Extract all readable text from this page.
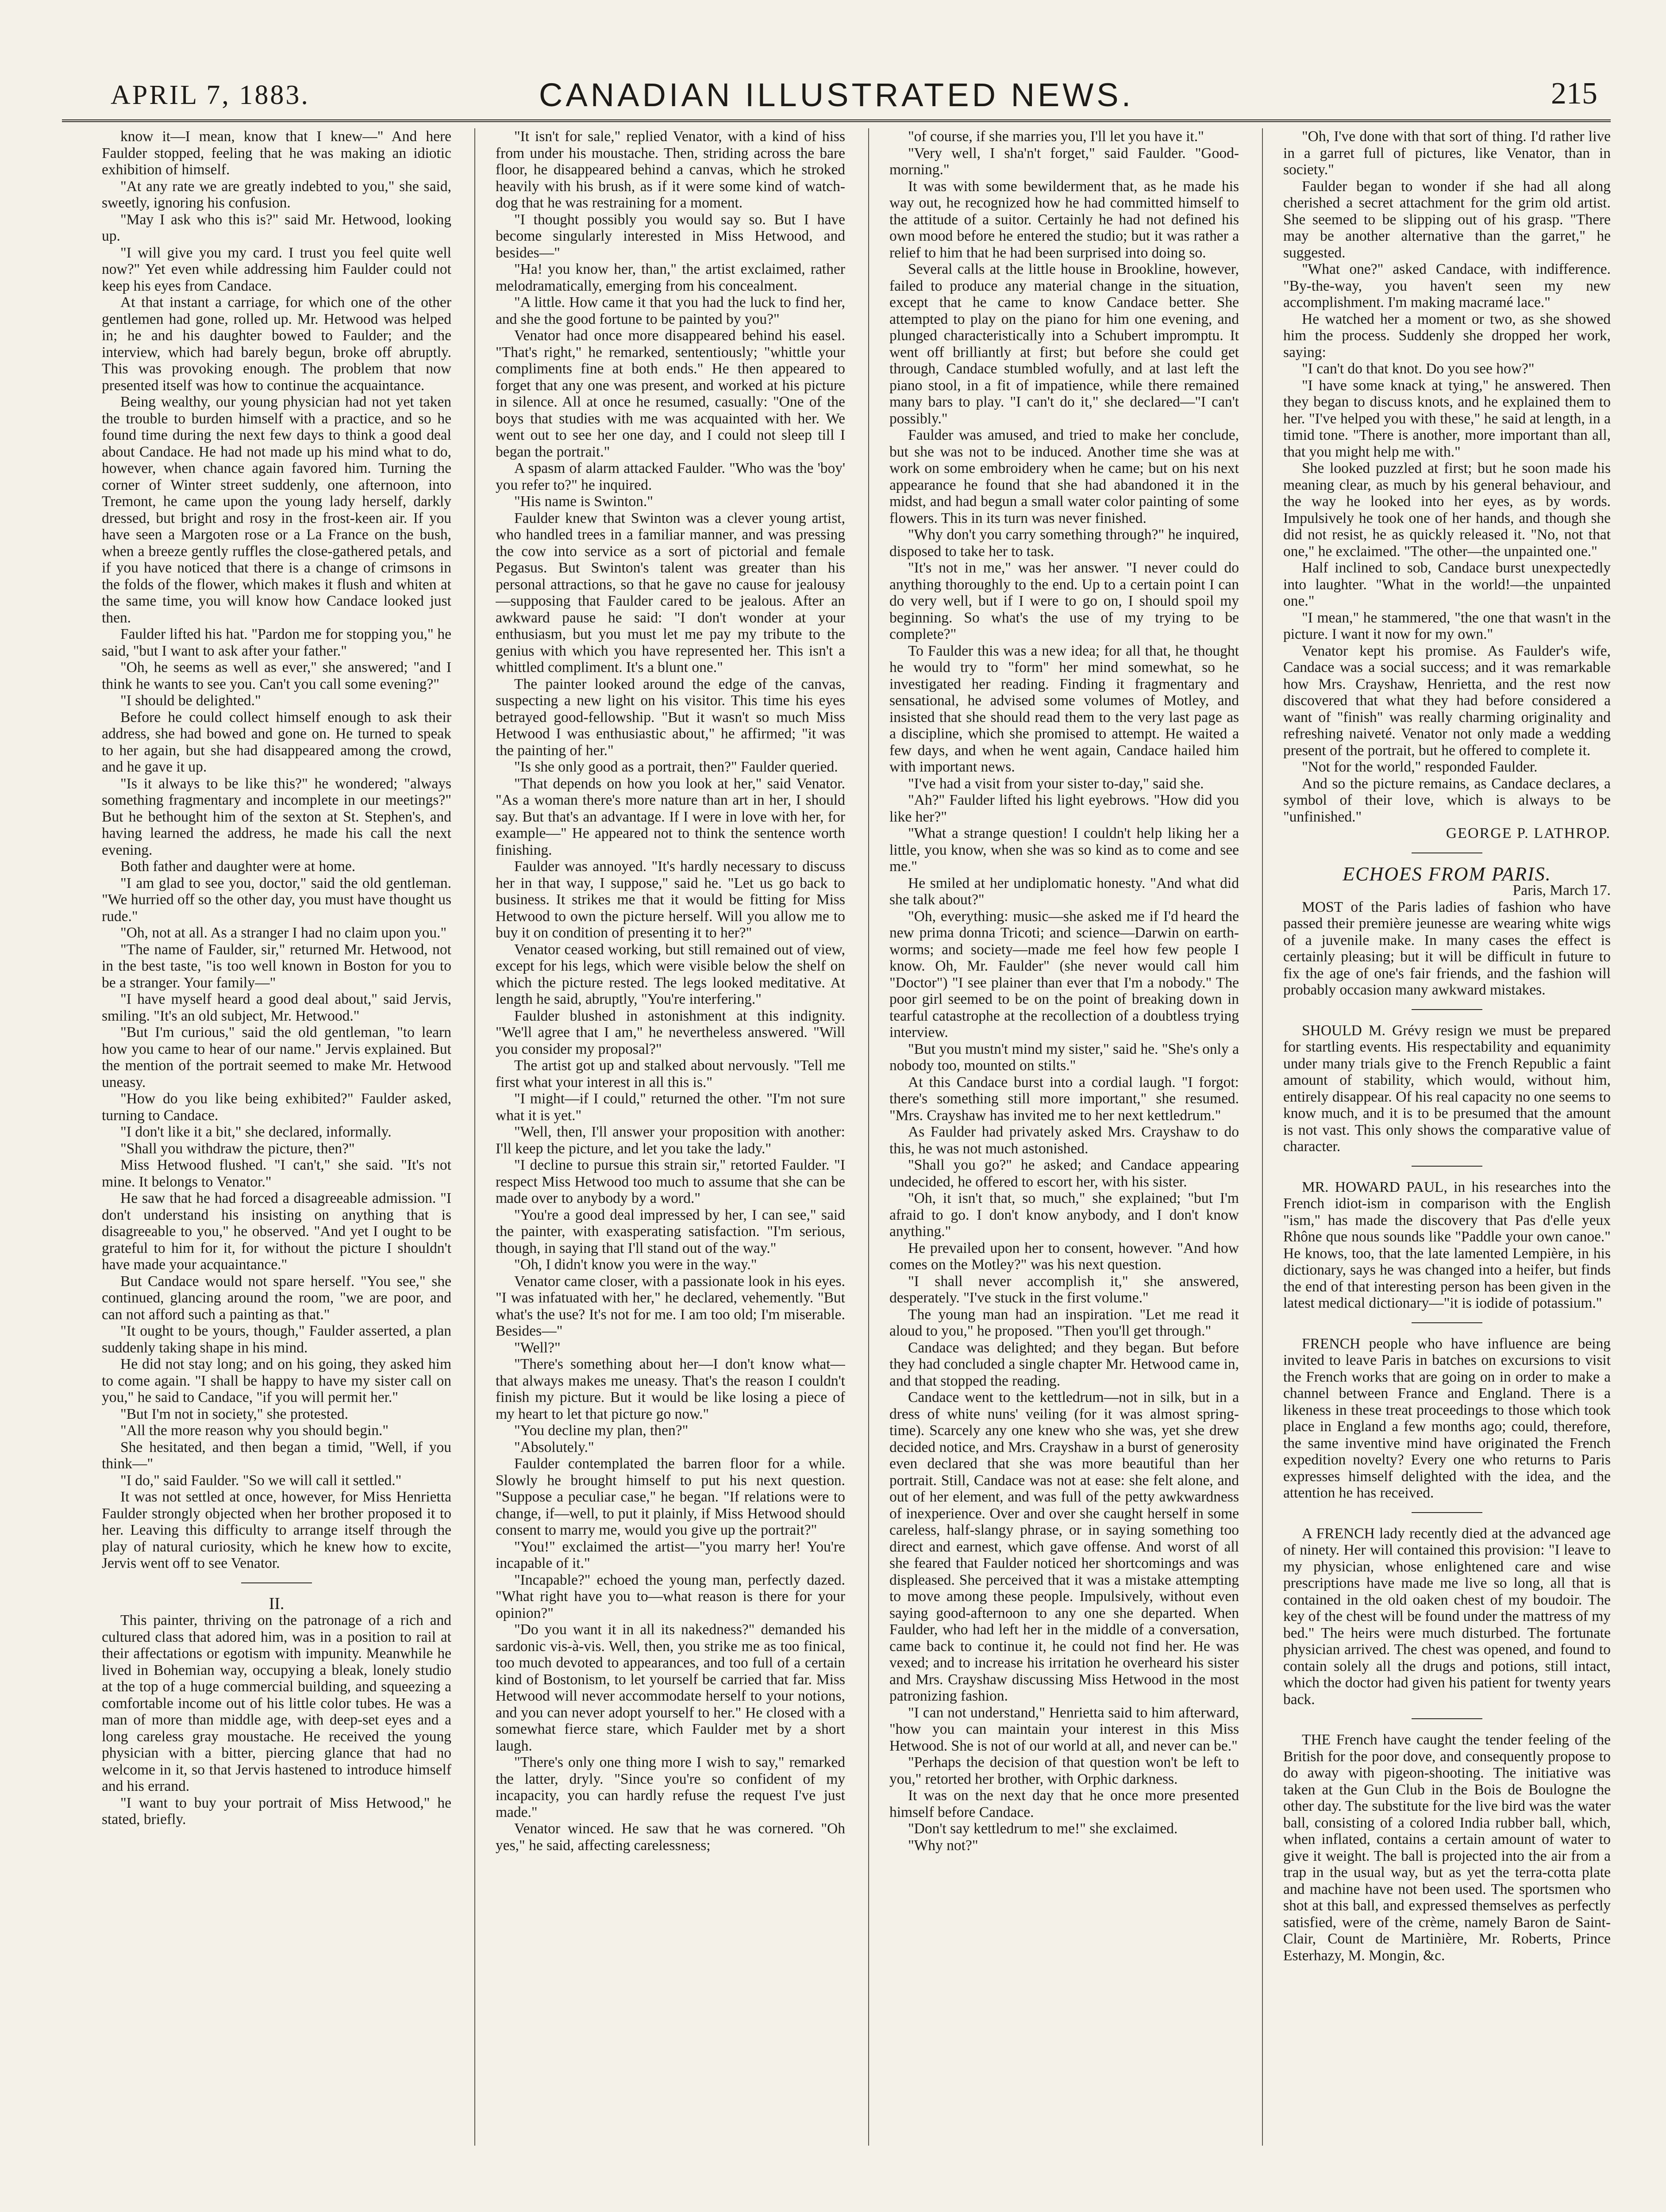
APRIL 7, 1883.	CANADIAN ILLUSTRATED NEWS.	215

know it—I mean, know that I knew—" And here Faulder stopped, feeling that he was making an idiotic exhibition of himself.

"At any rate we are greatly indebted to you," she said, sweetly, ignoring his confusion.

"May I ask who this is?" said Mr. Hetwood, looking up.

"I will give you my card. I trust you feel quite well now?" Yet even while addressing him Faulder could not keep his eyes from Candace.

At that instant a carriage, for which one of the other gentlemen had gone, rolled up. Mr. Hetwood was helped in; he and his daughter bowed to Faulder; and the interview, which had barely begun, broke off abruptly. This was provoking enough. The problem that now presented itself was how to continue the acquaintance.

Being wealthy, our young physician had not yet taken the trouble to burden himself with a practice, and so he found time during the next few days to think a good deal about Candace. He had not made up his mind what to do, however, when chance again favored him. Turning the corner of Winter street suddenly, one afternoon, into Tremont, he came upon the young lady herself, darkly dressed, but bright and rosy in the frost-keen air. If you have seen a Margoten rose or a La France on the bush, when a breeze gently ruffles the close-gathered petals, and if you have noticed that there is a change of crimsons in the folds of the flower, which makes it flush and whiten at the same time, you will know how Candace looked just then.

Faulder lifted his hat. "Pardon me for stopping you," he said, "but I want to ask after your father."

"Oh, he seems as well as ever," she answered; "and I think he wants to see you. Can't you call some evening?"

"I should be delighted."

Before he could collect himself enough to ask their address, she had bowed and gone on. He turned to speak to her again, but she had disappeared among the crowd, and he gave it up.

"Is it always to be like this?" he wondered; "always something fragmentary and incomplete in our meetings?" But he bethought him of the sexton at St. Stephen's, and having learned the address, he made his call the next evening.

Both father and daughter were at home.

"I am glad to see you, doctor," said the old gentleman. "We hurried off so the other day, you must have thought us rude."

"Oh, not at all. As a stranger I had no claim upon you."

"The name of Faulder, sir," returned Mr. Hetwood, not in the best taste, "is too well known in Boston for you to be a stranger. Your family—"

"I have myself heard a good deal about," said Jervis, smiling. "It's an old subject, Mr. Hetwood."

"But I'm curious," said the old gentleman, "to learn how you came to hear of our name." Jervis explained. But the mention of the portrait seemed to make Mr. Hetwood uneasy.

"How do you like being exhibited?" Faulder asked, turning to Candace.

"I don't like it a bit," she declared, informally.

"Shall you withdraw the picture, then?"

Miss Hetwood flushed. "I can't," she said. "It's not mine. It belongs to Venator."

He saw that he had forced a disagreeable admission. "I don't understand his insisting on anything that is disagreeable to you," he observed. "And yet I ought to be grateful to him for it, for without the picture I shouldn't have made your acquaintance."

But Candace would not spare herself. "You see," she continued, glancing around the room, "we are poor, and can not afford such a painting as that."

"It ought to be yours, though," Faulder asserted, a plan suddenly taking shape in his mind.

He did not stay long; and on his going, they asked him to come again. "I shall be happy to have my sister call on you," he said to Candace, "if you will permit her."

"But I'm not in society," she protested.

"All the more reason why you should begin."

She hesitated, and then began a timid, "Well, if you think—"

"I do," said Faulder. "So we will call it settled."

It was not settled at once, however, for Miss Henrietta Faulder strongly objected when her brother proposed it to her. Leaving this difficulty to arrange itself through the play of natural curiosity, which he knew how to excite, Jervis went off to see Venator.

II.

This painter, thriving on the patronage of a rich and cultured class that adored him, was in a position to rail at their affectations or egotism with impunity. Meanwhile he lived in Bohemian way, occupying a bleak, lonely studio at the top of a huge commercial building, and squeezing a comfortable income out of his little color tubes. He was a man of more than middle age, with deep-set eyes and a long careless gray moustache. He received the young physician with a bitter, piercing glance that had no welcome in it, so that Jervis hastened to introduce himself and his errand.

"I want to buy your portrait of Miss Hetwood," he stated, briefly.

"It isn't for sale," replied Venator, with a kind of hiss from under his moustache. Then, striding across the bare floor, he disappeared behind a canvas, which he stroked heavily with his brush, as if it were some kind of watch-dog that he was restraining for a moment.

"I thought possibly you would say so. But I have become singularly interested in Miss Hetwood, and besides—"

"Ha! you know her, than," the artist exclaimed, rather melodramatically, emerging from his concealment.

"A little. How came it that you had the luck to find her, and she the good fortune to be painted by you?"

Venator had once more disappeared behind his easel. "That's right," he remarked, sententiously; "whittle your compliments fine at both ends." He then appeared to forget that any one was present, and worked at his picture in silence. All at once he resumed, casually: "One of the boys that studies with me was acquainted with her. We went out to see her one day, and I could not sleep till I began the portrait."

A spasm of alarm attacked Faulder. "Who was the 'boy' you refer to?" he inquired.

"His name is Swinton."

Faulder knew that Swinton was a clever young artist, who handled trees in a familiar manner, and was pressing the cow into service as a sort of pictorial and female Pegasus. But Swinton's talent was greater than his personal attractions, so that he gave no cause for jealousy—supposing that Faulder cared to be jealous. After an awkward pause he said: "I don't wonder at your enthusiasm, but you must let me pay my tribute to the genius with which you have represented her. This isn't a whittled compliment. It's a blunt one."

The painter looked around the edge of the canvas, suspecting a new light on his visitor. This time his eyes betrayed good-fellowship. "But it wasn't so much Miss Hetwood I was enthusiastic about," he affirmed; "it was the painting of her."

"Is she only good as a portrait, then?" Faulder queried.

"That depends on how you look at her," said Venator. "As a woman there's more nature than art in her, I should say. But that's an advantage. If I were in love with her, for example—" He appeared not to think the sentence worth finishing.

Faulder was annoyed. "It's hardly necessary to discuss her in that way, I suppose," said he. "Let us go back to business. It strikes me that it would be fitting for Miss Hetwood to own the picture herself. Will you allow me to buy it on condition of presenting it to her?"

Venator ceased working, but still remained out of view, except for his legs, which were visible below the shelf on which the picture rested. The legs looked meditative. At length he said, abruptly, "You're interfering."

Faulder blushed in astonishment at this indignity. "We'll agree that I am," he nevertheless answered. "Will you consider my proposal?"

The artist got up and stalked about nervously. "Tell me first what your interest in all this is."

"I might—if I could," returned the other. "I'm not sure what it is yet."

"Well, then, I'll answer your proposition with another: I'll keep the picture, and let you take the lady."

"I decline to pursue this strain sir," retorted Faulder. "I respect Miss Hetwood too much to assume that she can be made over to anybody by a word."

"You're a good deal impressed by her, I can see," said the painter, with exasperating satisfaction. "I'm serious, though, in saying that I'll stand out of the way."

"Oh, I didn't know you were in the way."

Venator came closer, with a passionate look in his eyes. "I was infatuated with her," he declared, vehemently. "But what's the use? It's not for me. I am too old; I'm miserable. Besides—"

"Well?"

"There's something about her—I don't know what—that always makes me uneasy. That's the reason I couldn't finish my picture. But it would be like losing a piece of my heart to let that picture go now."

"You decline my plan, then?"

"Absolutely."

Faulder contemplated the barren floor for a while. Slowly he brought himself to put his next question. "Suppose a peculiar case," he began. "If relations were to change, if—well, to put it plainly, if Miss Hetwood should consent to marry me, would you give up the portrait?"

"You!" exclaimed the artist—"you marry her! You're incapable of it."

"Incapable?" echoed the young man, perfectly dazed. "What right have you to—what reason is there for your opinion?"

"Do you want it in all its nakedness?" demanded his sardonic vis-à-vis. Well, then, you strike me as too finical, too much devoted to appearances, and too full of a certain kind of Bostonism, to let yourself be carried that far. Miss Hetwood will never accommodate herself to your notions, and you can never adopt yourself to her." He closed with a somewhat fierce stare, which Faulder met by a short laugh.

"There's only one thing more I wish to say," remarked the latter, dryly. "Since you're so confident of my incapacity, you can hardly refuse the request I've just made."

Venator winced. He saw that he was cornered. "Oh yes," he said, affecting carelessness;

"of course, if she marries you, I'll let you have it."

"Very well, I sha'n't forget," said Faulder. "Good-morning."

It was with some bewilderment that, as he made his way out, he recognized how he had committed himself to the attitude of a suitor. Certainly he had not defined his own mood before he entered the studio; but it was rather a relief to him that he had been surprised into doing so.

Several calls at the little house in Brookline, however, failed to produce any material change in the situation, except that he came to know Candace better. She attempted to play on the piano for him one evening, and plunged characteristically into a Schubert impromptu. It went off brilliantly at first; but before she could get through, Candace stumbled wofully, and at last left the piano stool, in a fit of impatience, while there remained many bars to play. "I can't do it," she declared—"I can't possibly."

Faulder was amused, and tried to make her conclude, but she was not to be induced. Another time she was at work on some embroidery when he came; but on his next appearance he found that she had abandoned it in the midst, and had begun a small water color painting of some flowers. This in its turn was never finished.

"Why don't you carry something through?" he inquired, disposed to take her to task.

"It's not in me," was her answer. "I never could do anything thoroughly to the end. Up to a certain point I can do very well, but if I were to go on, I should spoil my beginning. So what's the use of my trying to be complete?"

To Faulder this was a new idea; for all that, he thought he would try to "form" her mind somewhat, so he investigated her reading. Finding it fragmentary and sensational, he advised some volumes of Motley, and insisted that she should read them to the very last page as a discipline, which she promised to attempt. He waited a few days, and when he went again, Candace hailed him with important news.

"I've had a visit from your sister to-day," said she.

"Ah?" Faulder lifted his light eyebrows. "How did you like her?"

"What a strange question! I couldn't help liking her a little, you know, when she was so kind as to come and see me."

He smiled at her undiplomatic honesty. "And what did she talk about?"

"Oh, everything: music—she asked me if I'd heard the new prima donna Tricoti; and science—Darwin on earth-worms; and society—made me feel how few people I know. Oh, Mr. Faulder" (she never would call him "Doctor") "I see plainer than ever that I'm a nobody." The poor girl seemed to be on the point of breaking down in tearful catastrophe at the recollection of a doubtless trying interview.

"But you mustn't mind my sister," said he. "She's only a nobody too, mounted on stilts."

At this Candace burst into a cordial laugh. "I forgot: there's something still more important," she resumed. "Mrs. Crayshaw has invited me to her next kettledrum."

As Faulder had privately asked Mrs. Crayshaw to do this, he was not much astonished.

"Shall you go?" he asked; and Candace appearing undecided, he offered to escort her, with his sister.

"Oh, it isn't that, so much," she explained; "but I'm afraid to go. I don't know anybody, and I don't know anything."

He prevailed upon her to consent, however. "And how comes on the Motley?" was his next question.

"I shall never accomplish it," she answered, desperately. "I've stuck in the first volume."

The young man had an inspiration. "Let me read it aloud to you," he proposed. "Then you'll get through."

Candace was delighted; and they began. But before they had concluded a single chapter Mr. Hetwood came in, and that stopped the reading.

Candace went to the kettledrum—not in silk, but in a dress of white nuns' veiling (for it was almost spring-time). Scarcely any one knew who she was, yet she drew decided notice, and Mrs. Crayshaw in a burst of generosity even declared that she was more beautiful than her portrait. Still, Candace was not at ease: she felt alone, and out of her element, and was full of the petty awkwardness of inexperience. Over and over she caught herself in some careless, half-slangy phrase, or in saying something too direct and earnest, which gave offense. And worst of all she feared that Faulder noticed her shortcomings and was displeased. She perceived that it was a mistake attempting to move among these people. Impulsively, without even saying good-afternoon to any one she departed. When Faulder, who had left her in the middle of a conversation, came back to continue it, he could not find her. He was vexed; and to increase his irritation he overheard his sister and Mrs. Crayshaw discussing Miss Hetwood in the most patronizing fashion.

"I can not understand," Henrietta said to him afterward, "how you can maintain your interest in this Miss Hetwood. She is not of our world at all, and never can be."

"Perhaps the decision of that question won't be left to you," retorted her brother, with Orphic darkness.

It was on the next day that he once more presented himself before Candace.

"Don't say kettledrum to me!" she exclaimed.

"Why not?"

"Oh, I've done with that sort of thing. I'd rather live in a garret full of pictures, like Venator, than in society."

Faulder began to wonder if she had all along cherished a secret attachment for the grim old artist. She seemed to be slipping out of his grasp. "There may be another alternative than the garret," he suggested.

"What one?" asked Candace, with indifference. "By-the-way, you haven't seen my new accomplishment. I'm making macramé lace."

He watched her a moment or two, as she showed him the process. Suddenly she dropped her work, saying:

"I can't do that knot. Do you see how?"

"I have some knack at tying," he answered. Then they began to discuss knots, and he explained them to her. "I've helped you with these," he said at length, in a timid tone. "There is another, more important than all, that you might help me with."

She looked puzzled at first; but he soon made his meaning clear, as much by his general behaviour, and the way he looked into her eyes, as by words. Impulsively he took one of her hands, and though she did not resist, he as quickly released it. "No, not that one," he exclaimed. "The other—the unpainted one."

Half inclined to sob, Candace burst unexpectedly into laughter. "What in the world!—the unpainted one."

"I mean," he stammered, "the one that wasn't in the picture. I want it now for my own."

Venator kept his promise. As Faulder's wife, Candace was a social success; and it was remarkable how Mrs. Crayshaw, Henrietta, and the rest now discovered that what they had before considered a want of "finish" was really charming originality and refreshing naiveté. Venator not only made a wedding present of the portrait, but he offered to complete it.

"Not for the world," responded Faulder.

And so the picture remains, as Candace declares, a symbol of their love, which is always to be "unfinished."

GEORGE P. LATHROP.

ECHOES FROM PARIS.

Paris, March 17.

MOST of the Paris ladies of fashion who have passed their première jeunesse are wearing white wigs of a juvenile make. In many cases the effect is certainly pleasing; but it will be difficult in future to fix the age of one's fair friends, and the fashion will probably occasion many awkward mistakes.

SHOULD M. Grévy resign we must be prepared for startling events. His respectability and equanimity under many trials give to the French Republic a faint amount of stability, which would, without him, entirely disappear. Of his real capacity no one seems to know much, and it is to be presumed that the amount is not vast. This only shows the comparative value of character.

MR. HOWARD PAUL, in his researches into the French idiot-ism in comparison with the English "ism," has made the discovery that Pas d'elle yeux Rhône que nous sounds like "Paddle your own canoe." He knows, too, that the late lamented Lempière, in his dictionary, says he was changed into a heifer, but finds the end of that interesting person has been given in the latest medical dictionary—"it is iodide of potassium."

FRENCH people who have influence are being invited to leave Paris in batches on excursions to visit the French works that are going on in order to make a channel between France and England. There is a likeness in these treat proceedings to those which took place in England a few months ago; could, therefore, the same inventive mind have originated the French expedition novelty? Every one who returns to Paris expresses himself delighted with the idea, and the attention he has received.

A FRENCH lady recently died at the advanced age of ninety. Her will contained this provision: "I leave to my physician, whose enlightened care and wise prescriptions have made me live so long, all that is contained in the old oaken chest of my boudoir. The key of the chest will be found under the mattress of my bed." The heirs were much disturbed. The fortunate physician arrived. The chest was opened, and found to contain solely all the drugs and potions, still intact, which the doctor had given his patient for twenty years back.

THE French have caught the tender feeling of the British for the poor dove, and consequently propose to do away with pigeon-shooting. The initiative was taken at the Gun Club in the Bois de Boulogne the other day. The substitute for the live bird was the water ball, consisting of a colored India rubber ball, which, when inflated, contains a certain amount of water to give it weight. The ball is projected into the air from a trap in the usual way, but as yet the terra-cotta plate and machine have not been used. The sportsmen who shot at this ball, and expressed themselves as perfectly satisfied, were of the crème, namely Baron de Saint-Clair, Count de Martinière, Mr. Roberts, Prince Esterhazy, M. Mongin, &c.
